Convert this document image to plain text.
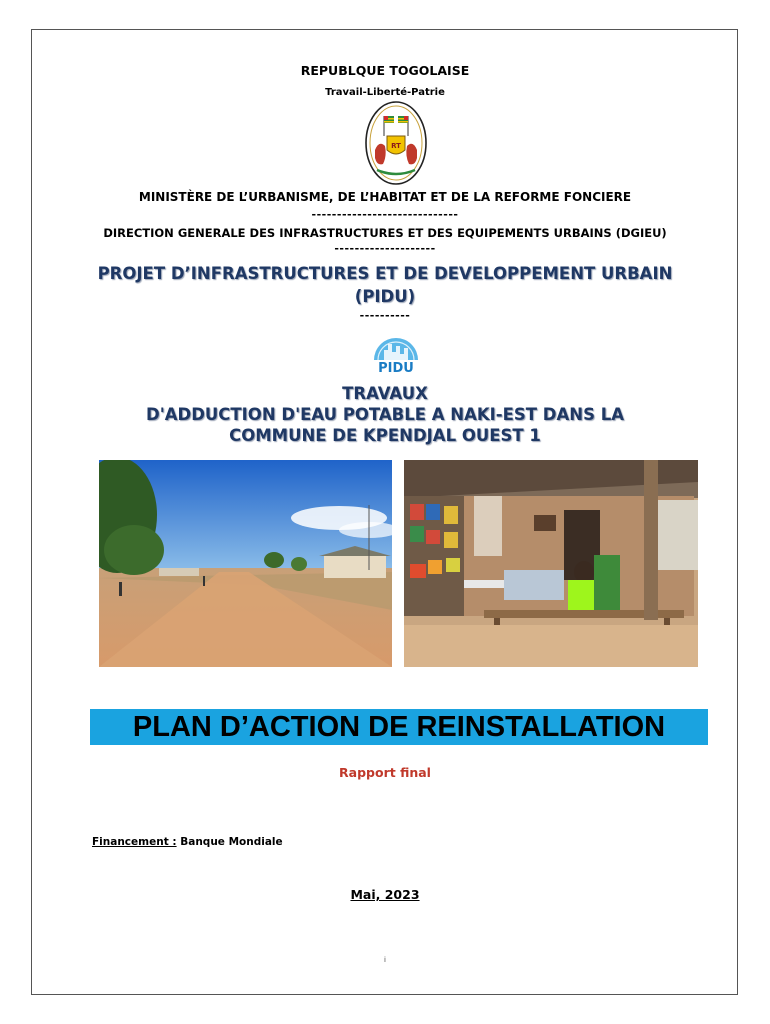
REPUBLQUE TOGOLAISE
Travail-Liberté-Patrie
RT
MINISTÈRE DE L’URBANISME, DE L’HABITAT ET DE LA REFORME FONCIERE
-----------------------------
DIRECTION GENERALE DES INFRASTRUCTURES ET DES EQUIPEMENTS URBAINS (DGIEU)
--------------------
PROJET D’INFRASTRUCTURES ET DE DEVELOPPEMENT URBAIN
(PIDU)
----------
PIDU
TRAVAUX
D'ADDUCTION D'EAU POTABLE A NAKI-EST DANS LA
COMMUNE DE KPENDJAL OUEST 1
PLAN D’ACTION DE REINSTALLATION
Rapport final
Financement : Banque Mondiale
Mai, 2023
i
